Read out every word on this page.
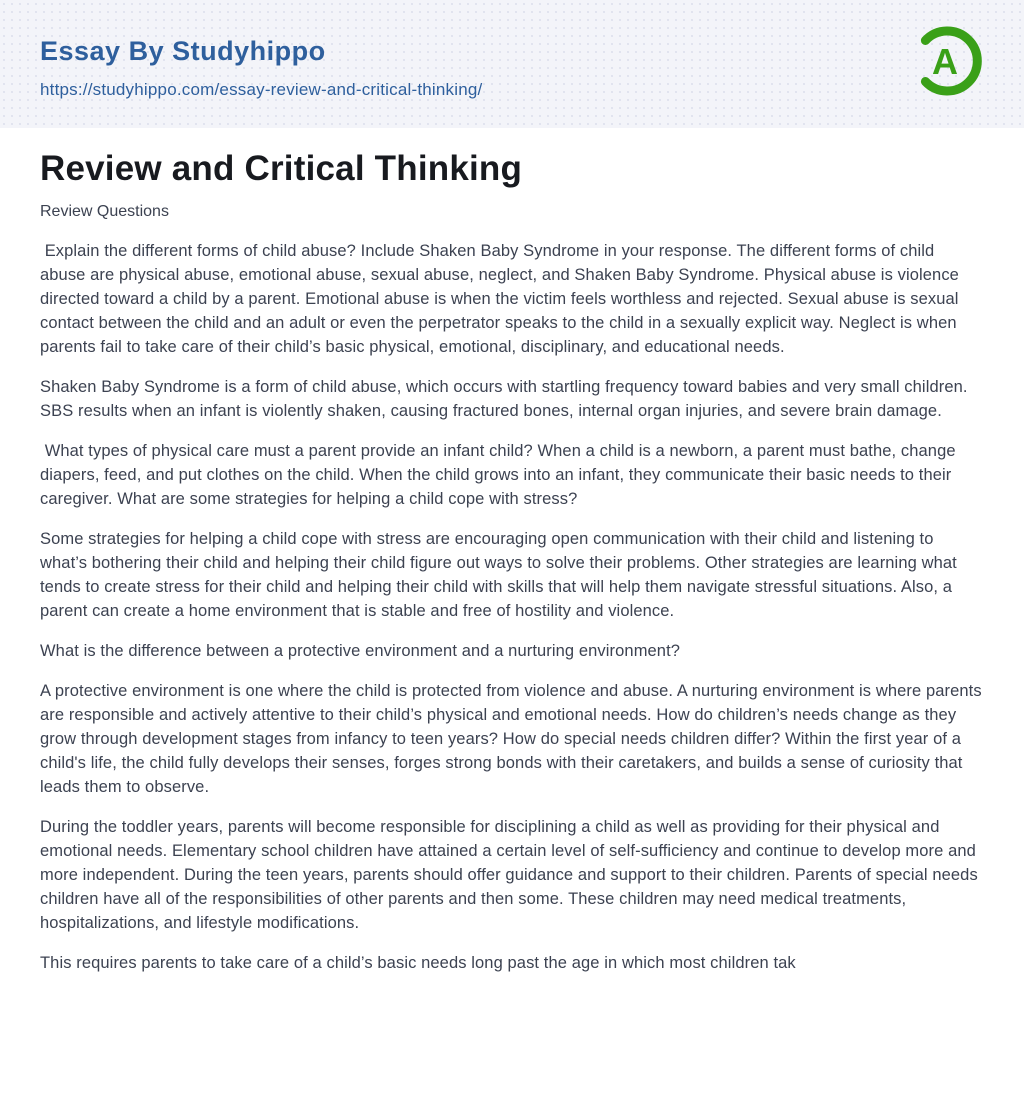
Essay By Studyhippo
https://studyhippo.com/essay-review-and-critical-thinking/
A
Review and Critical Thinking
Review Questions

Explain the different forms of child abuse? Include Shaken Baby Syndrome in your response. The different forms of child abuse are physical abuse, emotional abuse, sexual abuse, neglect, and Shaken Baby Syndrome. Physical abuse is violence directed toward a child by a parent. Emotional abuse is when the victim feels worthless and rejected. Sexual abuse is sexual contact between the child and an adult or even the perpetrator speaks to the child in a sexually explicit way. Neglect is when parents fail to take care of their child’s basic physical, emotional, disciplinary, and educational needs.

Shaken Baby Syndrome is a form of child abuse, which occurs with startling frequency toward babies and very small children. SBS results when an infant is violently shaken, causing fractured bones, internal organ injuries, and severe brain damage.

What types of physical care must a parent provide an infant child? When a child is a newborn, a parent must bathe, change diapers, feed, and put clothes on the child. When the child grows into an infant, they communicate their basic needs to their caregiver. What are some strategies for helping a child cope with stress?

Some strategies for helping a child cope with stress are encouraging open communication with their child and listening to what’s bothering their child and helping their child figure out ways to solve their problems. Other strategies are learning what tends to create stress for their child and helping their child with skills that will help them navigate stressful situations. Also, a parent can create a home environment that is stable and free of hostility and violence.

What is the difference between a protective environment and a nurturing environment?

A protective environment is one where the child is protected from violence and abuse. A nurturing environment is where parents are responsible and actively attentive to their child’s physical and emotional needs. How do children’s needs change as they grow through development stages from infancy to teen years? How do special needs children differ? Within the first year of a child's life, the child fully develops their senses, forges strong bonds with their caretakers, and builds a sense of curiosity that leads them to observe.

During the toddler years, parents will become responsible for disciplining a child as well as providing for their physical and emotional needs. Elementary school children have attained a certain level of self-sufficiency and continue to develop more and more independent. During the teen years, parents should offer guidance and support to their children. Parents of special needs children have all of the responsibilities of other parents and then some. These children may need medical treatments, hospitalizations, and lifestyle modifications.

This requires parents to take care of a child’s basic needs long past the age in which most children tak
